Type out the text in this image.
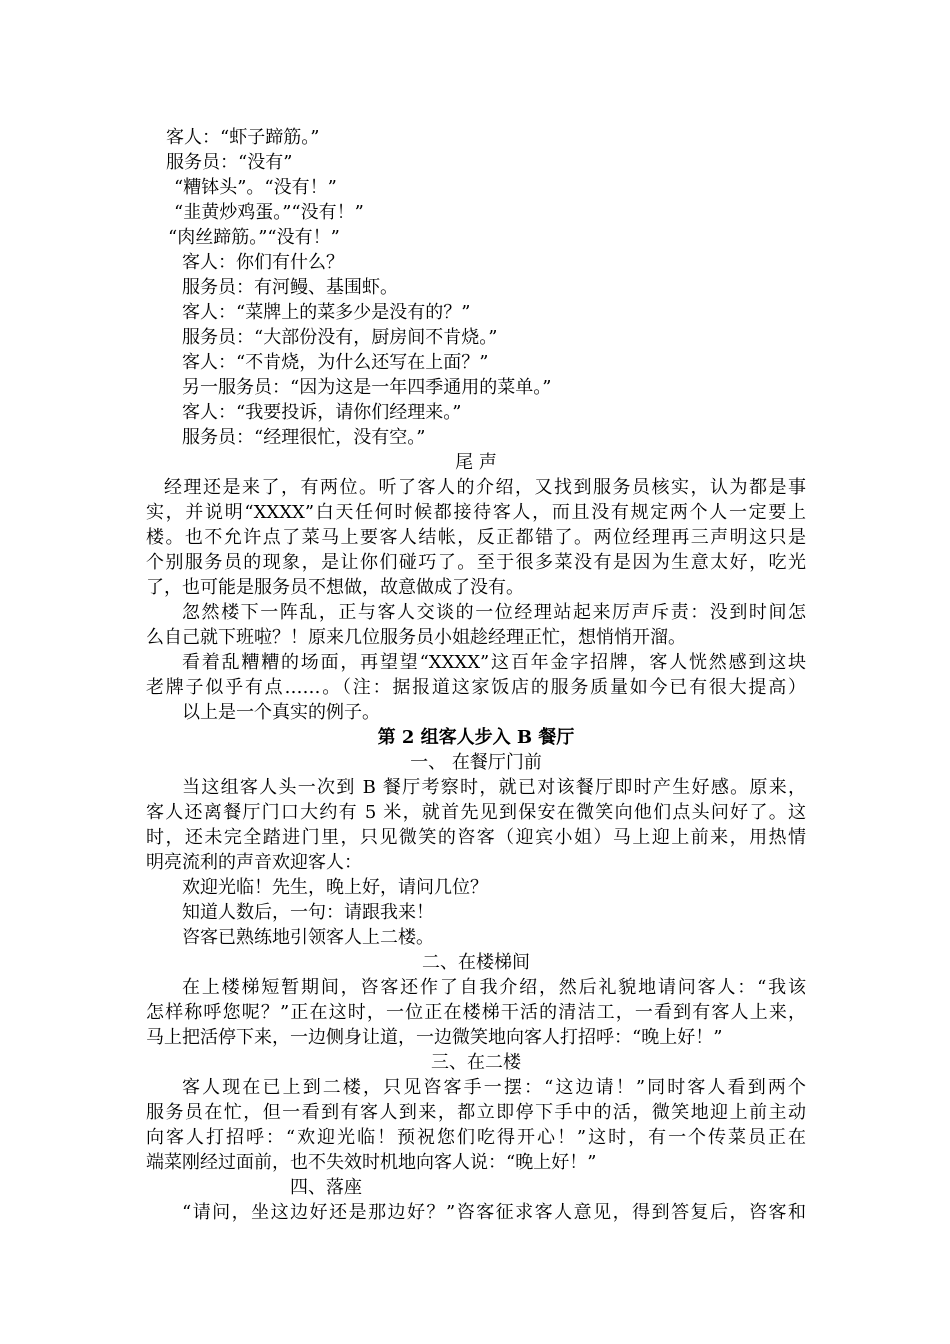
客人：“虾子蹄筋。”
服务员：“没有”
“糟钵头”。“没有！”
“韭黄炒鸡蛋。”“没有！”
“肉丝蹄筋。”“没有！”
客人：你们有什么？
服务员：有河鳗、基围虾。
客人：“菜牌上的菜多少是没有的？”
服务员：“大部份没有，厨房间不肯烧。”
客人：“不肯烧，为什么还写在上面？”
另一服务员：“因为这是一年四季通用的菜单。”
客人：“我要投诉，请你们经理来。”
服务员：“经理很忙，没有空。”
尾 声
经理还是来了，有两位。听了客人的介绍，又找到服务员核实，认为都是事
实，并说明“XXXX”白天任何时候都接待客人，而且没有规定两个人一定要上
楼。也不允许点了菜马上要客人结帐，反正都错了。两位经理再三声明这只是
个别服务员的现象，是让你们碰巧了。至于很多菜没有是因为生意太好，吃光
了，也可能是服务员不想做，故意做成了没有。
忽然楼下一阵乱，正与客人交谈的一位经理站起来厉声斥责：没到时间怎
么自己就下班啦？！原来几位服务员小姐趁经理正忙，想悄悄开溜。
看着乱糟糟的场面，再望望“XXXX”这百年金字招牌，客人恍然感到这块
老牌子似乎有点……。（注：据报道这家饭店的服务质量如今已有很大提高）
以上是一个真实的例子。
第 2 组客人步入 B 餐厅
一、 在餐厅门前
当这组客人头一次到 B 餐厅考察时，就已对该餐厅即时产生好感。原来，
客人还离餐厅门口大约有 5 米，就首先见到保安在微笑向他们点头问好了。这
时，还未完全踏进门里，只见微笑的咨客（迎宾小姐）马上迎上前来，用热情
明亮流利的声音欢迎客人：
欢迎光临！先生，晚上好，请问几位？
知道人数后，一句：请跟我来！
咨客已熟练地引领客人上二楼。
二、在楼梯间
在上楼梯短暂期间，咨客还作了自我介绍，然后礼貌地请问客人：“我该
怎样称呼您呢？”正在这时，一位正在楼梯干活的清洁工，一看到有客人上来，
马上把活停下来，一边侧身让道，一边微笑地向客人打招呼：“晚上好！”
三、在二楼
客人现在已上到二楼，只见咨客手一摆：“这边请！”同时客人看到两个
服务员在忙，但一看到有客人到来，都立即停下手中的活，微笑地迎上前主动
向客人打招呼：“欢迎光临！预祝您们吃得开心！”这时，有一个传菜员正在
端菜刚经过面前，也不失效时机地向客人说：“晚上好！”
四、落座
“请问，坐这边好还是那边好？”咨客征求客人意见，得到答复后，咨客和
